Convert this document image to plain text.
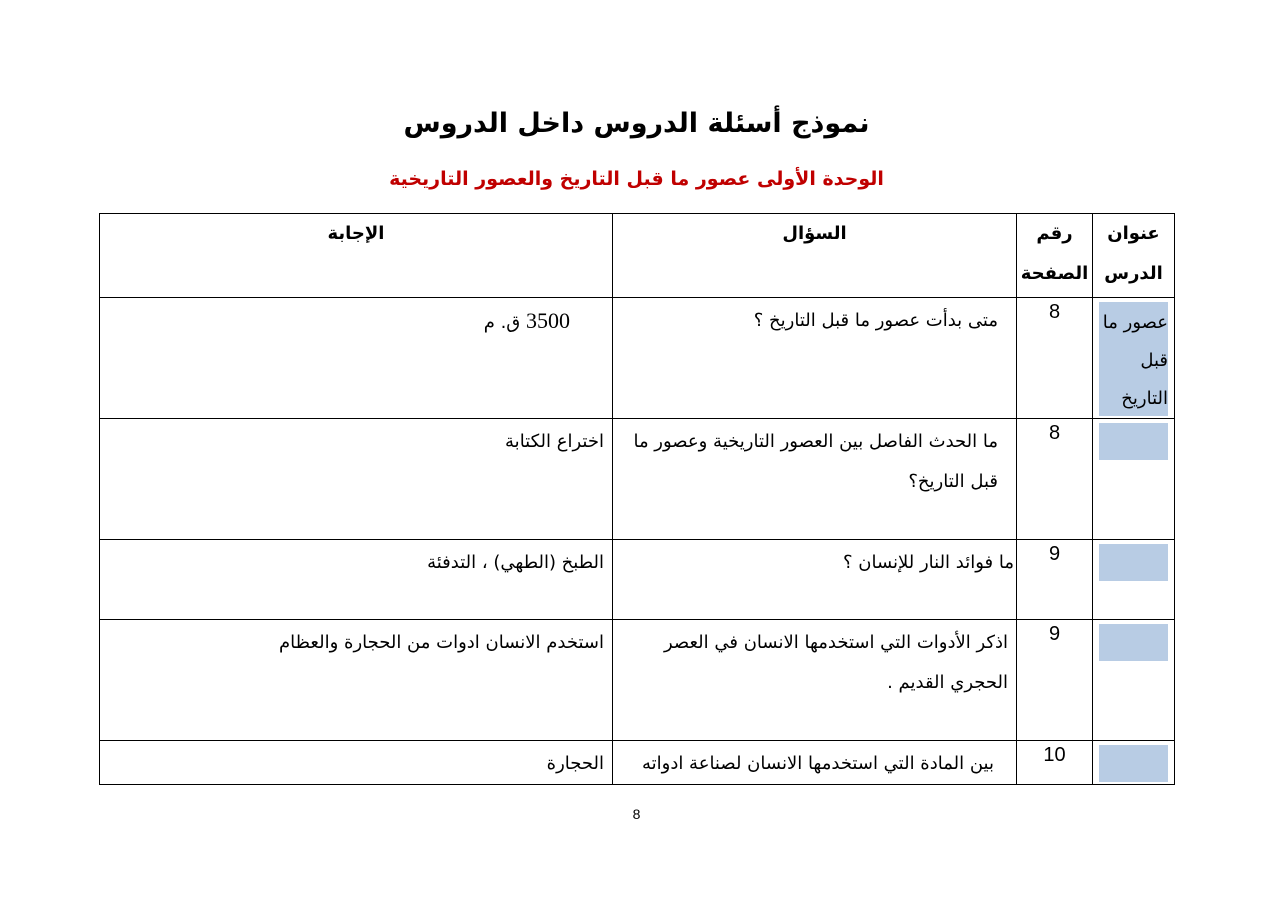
نموذج أسئلة الدروس داخل الدروس
الوحدة الأولى عصور ما قبل التاريخ والعصور التاريخية
عنوان الدرس	رقم الصفحة	السؤال	الإجابة

عصور ما قبل التاريخ	8	متى بدأت عصور ما قبل التاريخ ؟	3500 ق. م

	8	ما الحدث الفاصل بين العصور التاريخية وعصور ما قبل التاريخ؟	اختراع الكتابة

	9	ما فوائد النار للإنسان ؟	الطبخ (الطهي) ، التدفئة

	9	اذكر الأدوات التي استخدمها الانسان في العصر الحجري القديم .	استخدم الانسان ادوات من الحجارة والعظام

	10	بين المادة التي استخدمها الانسان لصناعة ادواته	الحجارة
8
